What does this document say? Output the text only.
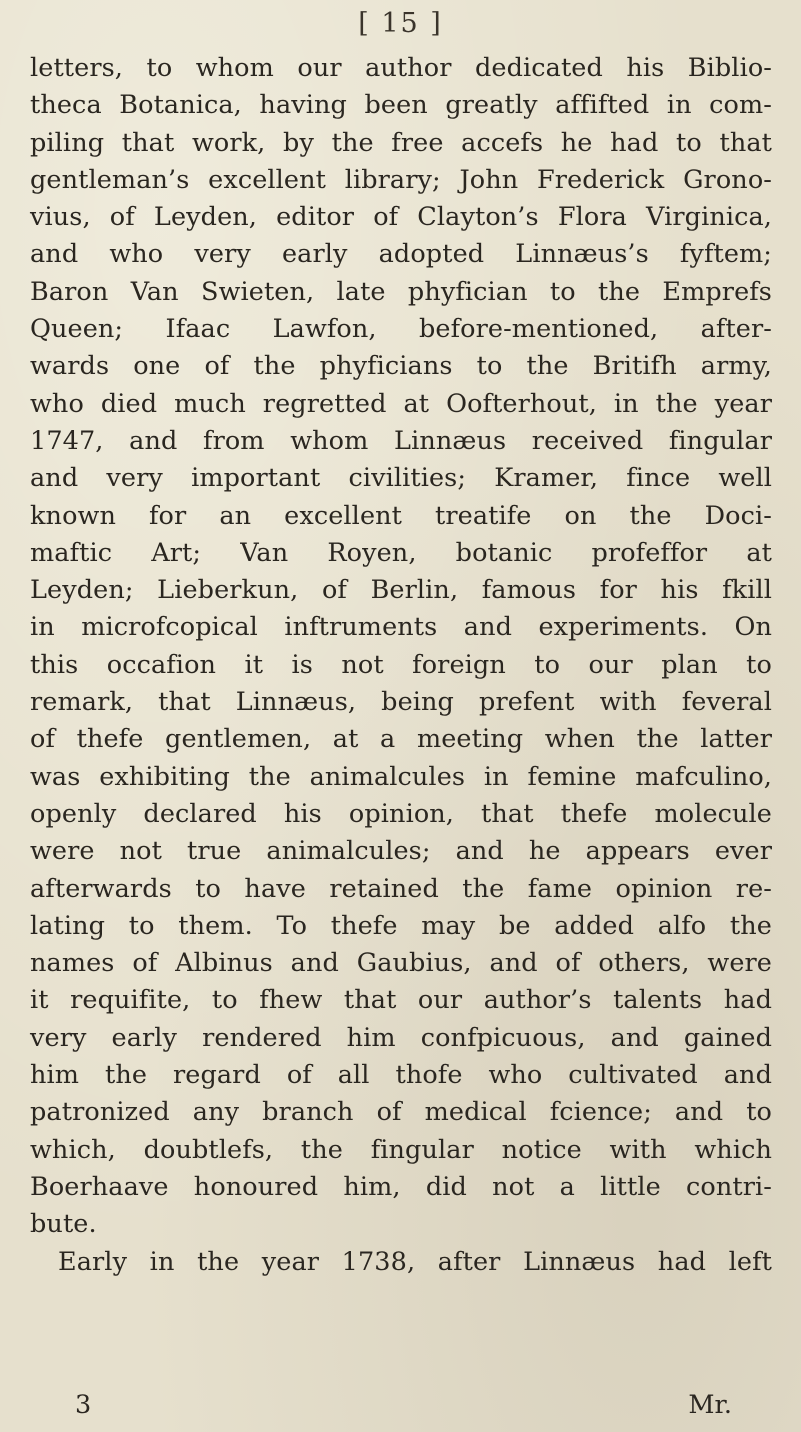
[ 15 ]
letters, to whom our author dedicated his Biblio-
theca Botanica, having been greatly affifted in com-
piling that work, by the free accefs he had to that
gentleman’s excellent library; John Frederick Grono-
vius, of Leyden, editor of Clayton’s Flora Virginica,
and who very early adopted Linnæus’s fyftem;
Baron Van Swieten, late phyfician to the Emprefs
Queen; Ifaac Lawfon, before-mentioned, after-
wards one of the phyficians to the Britifh army,
who died much regretted at Oofterhout, in the year
1747, and from whom Linnæus received fingular
and very important civilities; Kramer, fince well
known for an excellent treatife on the Doci-
maftic Art; Van Royen, botanic profeffor at
Leyden; Lieberkun, of Berlin, famous for his fkill
in microfcopical inftruments and experiments. On
this occafion it is not foreign to our plan to
remark, that Linnæus, being prefent with feveral
of thefe gentlemen, at a meeting when the latter
was exhibiting the animalcules in femine mafculino,
openly declared his opinion, that thefe molecule
were not true animalcules; and he appears ever
afterwards to have retained the fame opinion re-
lating to them. To thefe may be added alfo the
names of Albinus and Gaubius, and of others, were
it requifite, to fhew that our author’s talents had
very early rendered him confpicuous, and gained
him the regard of all thofe who cultivated and
patronized any branch of medical fcience; and to
which, doubtlefs, the fingular notice with which
Boerhaave honoured him, did not a little contri-
bute.
Early in the year 1738, after Linnæus had left
3	Mr.
